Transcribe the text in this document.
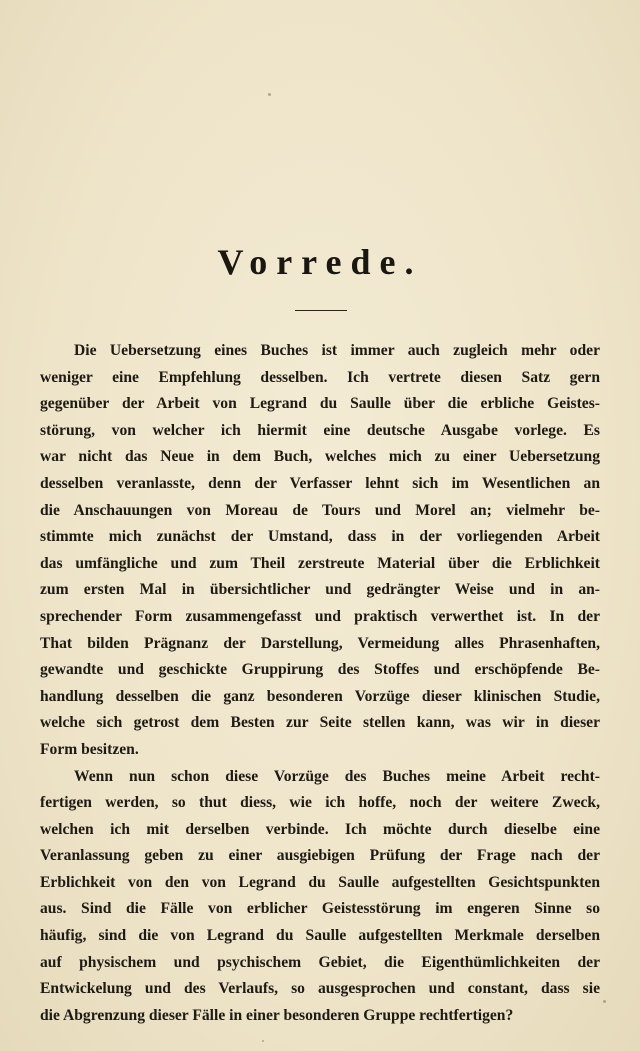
Vorrede.
Die Uebersetzung eines Buches ist immer auch zugleich mehr oder
weniger eine Empfehlung desselben. Ich vertrete diesen Satz gern
gegenüber der Arbeit von Legrand du Saulle über die erbliche Geistes-
störung, von welcher ich hiermit eine deutsche Ausgabe vorlege. Es
war nicht das Neue in dem Buch, welches mich zu einer Uebersetzung
desselben veranlasste, denn der Verfasser lehnt sich im Wesentlichen an
die Anschauungen von Moreau de Tours und Morel an; vielmehr be-
stimmte mich zunächst der Umstand, dass in der vorliegenden Arbeit
das umfängliche und zum Theil zerstreute Material über die Erblichkeit
zum ersten Mal in übersichtlicher und gedrängter Weise und in an-
sprechender Form zusammengefasst und praktisch verwerthet ist. In der
That bilden Prägnanz der Darstellung, Vermeidung alles Phrasenhaften,
gewandte und geschickte Gruppirung des Stoffes und erschöpfende Be-
handlung desselben die ganz besonderen Vorzüge dieser klinischen Studie,
welche sich getrost dem Besten zur Seite stellen kann, was wir in dieser
Form besitzen.
Wenn nun schon diese Vorzüge des Buches meine Arbeit recht-
fertigen werden, so thut diess, wie ich hoffe, noch der weitere Zweck,
welchen ich mit derselben verbinde. Ich möchte durch dieselbe eine
Veranlassung geben zu einer ausgiebigen Prüfung der Frage nach der
Erblichkeit von den von Legrand du Saulle aufgestellten Gesichtspunkten
aus. Sind die Fälle von erblicher Geistesstörung im engeren Sinne so
häufig, sind die von Legrand du Saulle aufgestellten Merkmale derselben
auf physischem und psychischem Gebiet, die Eigenthümlichkeiten der
Entwickelung und des Verlaufs, so ausgesprochen und constant, dass sie
die Abgrenzung dieser Fälle in einer besonderen Gruppe rechtfertigen?
